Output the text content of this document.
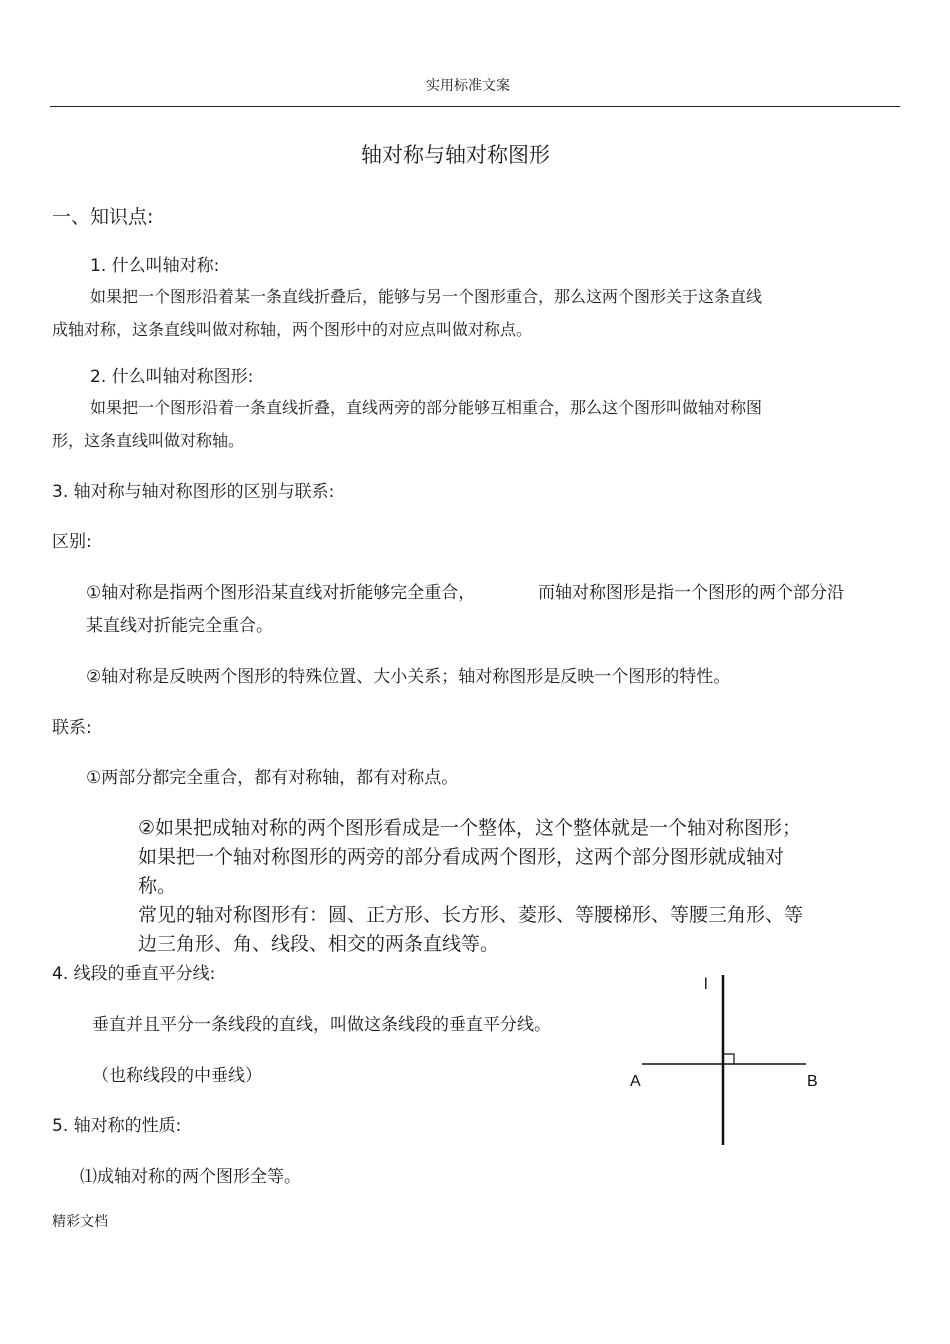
实用标准文案
轴对称与轴对称图形
一、知识点:
1. 什么叫轴对称:
如果把一个图形沿着某一条直线折叠后，能够与另一个图形重合，那么这两个图形关于这条直线
成轴对称，这条直线叫做对称轴，两个图形中的对应点叫做对称点。
2. 什么叫轴对称图形:
如果把一个图形沿着一条直线折叠，直线两旁的部分能够互相重合，那么这个图形叫做轴对称图
形，这条直线叫做对称轴。
3. 轴对称与轴对称图形的区别与联系:
区别:
①轴对称是指两个图形沿某直线对折能够完全重合，	而轴对称图形是指一个图形的两个部分沿
某直线对折能完全重合。
②轴对称是反映两个图形的特殊位置、大小关系；轴对称图形是反映一个图形的特性。
联系:
①两部分都完全重合，都有对称轴，都有对称点。
②如果把成轴对称的两个图形看成是一个整体，这个整体就是一个轴对称图形；
如果把一个轴对称图形的两旁的部分看成两个图形，这两个部分图形就成轴对
称。
常见的轴对称图形有：圆、正方形、长方形、菱形、等腰梯形、等腰三角形、等
边三角形、角、线段、相交的两条直线等。
4. 线段的垂直平分线:
垂直并且平分一条线段的直线，叫做这条线段的垂直平分线。
（也称线段的中垂线）
l
A	B
5. 轴对称的性质:
⑴成轴对称的两个图形全等。
精彩文档
